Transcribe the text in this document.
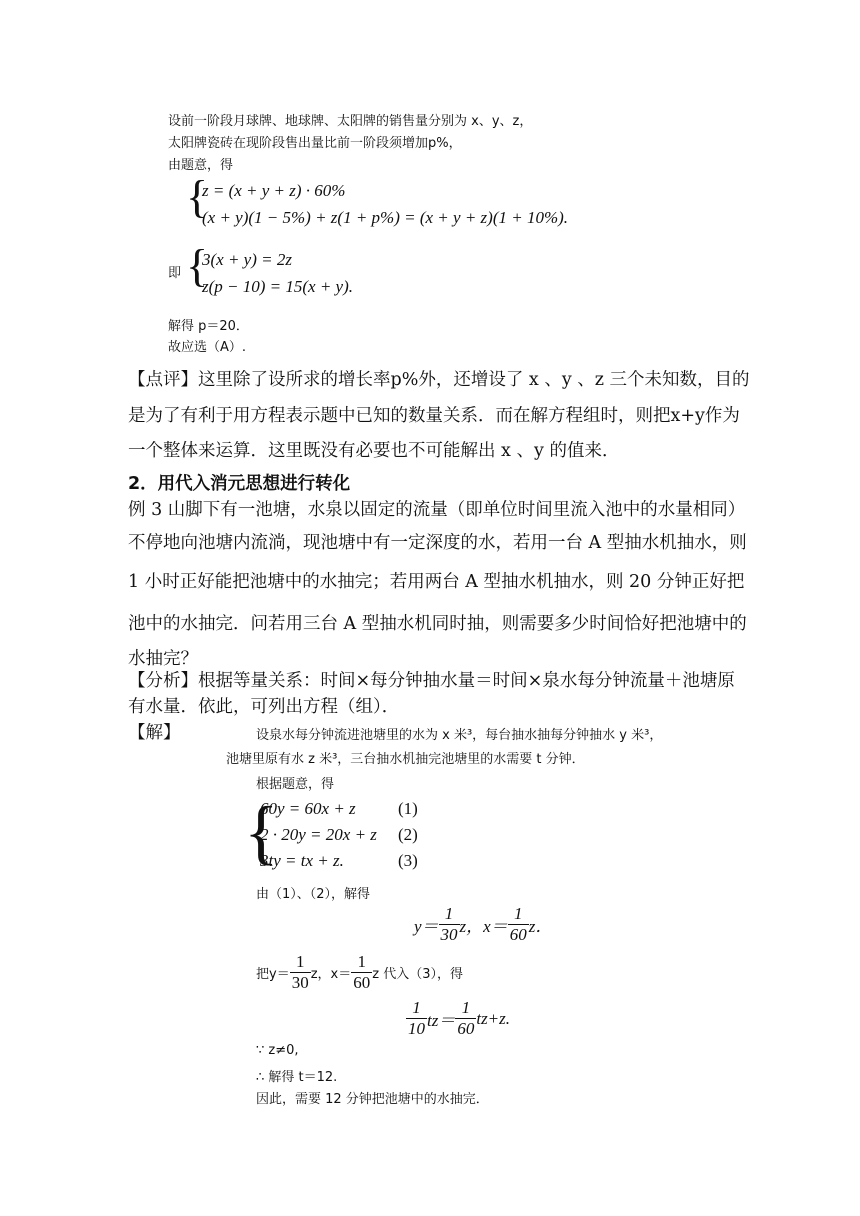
设前一阶段月球牌、地球牌、太阳牌的销售量分别为 x、y、z，
太阳牌瓷砖在现阶段售出量比前一阶段须增加p%，
由题意，得
{
z = (x + y + z) · 60%
(x + y)(1 − 5%) + z(1 + p%) = (x + y + z)(1 + 10%).
即 {
3(x + y) = 2z
z(p − 10) = 15(x + y).
解得 p＝20．
故应选（A）.
【点评】这里除了设所求的增长率p%外，还增设了 x 、y 、z 三个未知数，目的
是为了有利于用方程表示题中已知的数量关系．而在解方程组时，则把x+y作为
一个整体来运算．这里既没有必要也不可能解出 x 、y 的值来．
2．用代入消元思想进行转化
例 3 山脚下有一池塘，水泉以固定的流量（即单位时间里流入池中的水量相同）
不停地向池塘内流淌，现池塘中有一定深度的水，若用一台 A 型抽水机抽水，则
1 小时正好能把池塘中的水抽完；若用两台 A 型抽水机抽水，则 20 分钟正好把
池中的水抽完．问若用三台 A 型抽水机同时抽，则需要多少时间恰好把池塘中的
水抽完？
【分析】根据等量关系：时间×每分钟抽水量＝时间×泉水每分钟流量＋池塘原
有水量．依此，可列出方程（组）．
【解】	设泉水每分钟流进池塘里的水为 x 米³，每台抽水抽每分钟抽水 y 米³，
池塘里原有水 z 米³，三台抽水机抽完池塘里的水需要 t 分钟．
根据题意，得
{
60y = 60x + z (1)
2 · 20y = 20x + z (2)
3ty = tx + z.	(3)
由（1）、（2），解得
$y= \frac{1}{30}$ z，$x= \frac{1}{60}$ z．
把$y= \frac{1}{30}$ z，$x= \frac{1}{60}$ z 代入（3），得
$\frac{1}{10} tz= \frac{1}{60} tz+z$.
∵ z≠0,
∴ 解得 t＝12.
因此，需要 12 分钟把池塘中的水抽完．
